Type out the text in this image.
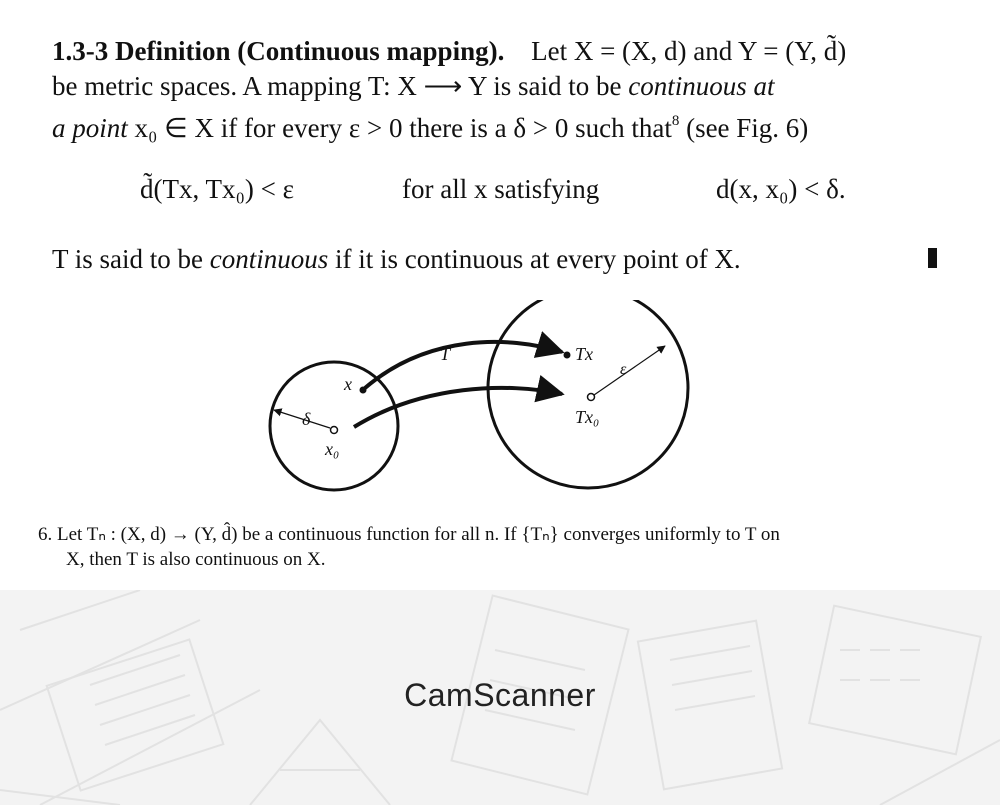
1.3-3 Definition (Continuous mapping). Let X = (X, d) and Y = (Y, d̃)
be metric spaces. A mapping T: X ⟶ Y is said to be continuous at
a point x₀ ∈ X if for every ε > 0 there is a δ > 0 such that$^8$ (see Fig. 6)
d̃(Tx, Tx₀) < ε	for all x satisfying	d(x, x₀) < δ.
T is said to be continuous if it is continuous at every point of X.
T
x
x₀
δ
Tx
Tx₀
ε
6. Let Tₙ : (X, d) → (Y, d̂) be a continuous function for all n. If {Tₙ} converges uniformly to T on
X, then T is also continuous on X.
CamScanner
